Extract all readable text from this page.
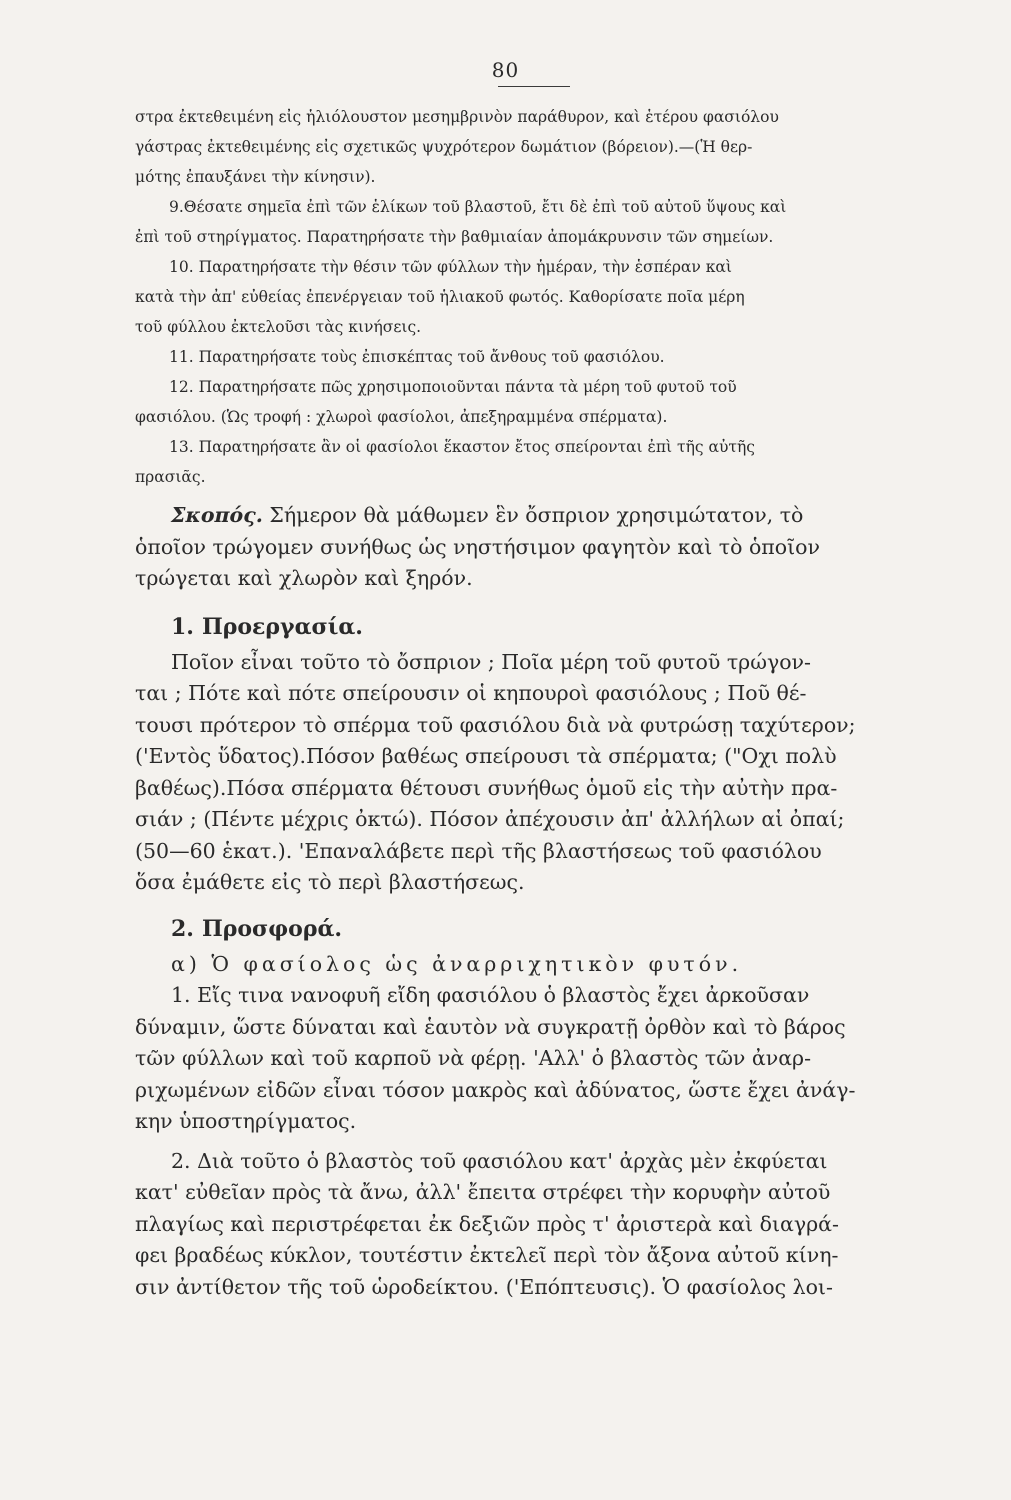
80

στρα ἐκτεθειμένη εἰς ἡλιόλουστον μεσημβρινὸν παράθυρον, καὶ ἑτέρου φασιόλου

γάστρας ἐκτεθειμένης εἰς σχετικῶς ψυχρότερον δωμάτιον (βόρειον).—(Ἡ θερ-

μότης ἐπαυξάνει τὴν κίνησιν).

9.Θέσατε σημεῖα ἐπὶ τῶν ἑλίκων τοῦ βλαστοῦ, ἔτι δὲ ἐπὶ τοῦ αὐτοῦ ὕψους καὶ

ἐπὶ τοῦ στηρίγματος. Παρατηρήσατε τὴν βαθμιαίαν ἀπομάκρυνσιν τῶν σημείων.

10. Παρατηρήσατε τὴν θέσιν τῶν φύλλων τὴν ἡμέραν, τὴν ἑσπέραν καὶ

κατὰ τὴν ἀπ' εὐθείας ἐπενέργειαν τοῦ ἡλιακοῦ φωτός. Καθορίσατε ποῖα μέρη

τοῦ φύλλου ἐκτελοῦσι τὰς κινήσεις.

11. Παρατηρήσατε τοὺς ἐπισκέπτας τοῦ ἄνθους τοῦ φασιόλου.

12. Παρατηρήσατε πῶς χρησιμοποιοῦνται πάντα τὰ μέρη τοῦ φυτοῦ τοῦ

φασιόλου. (Ὡς τροφή : χλωροὶ φασίολοι, ἀπεξηραμμένα σπέρματα).

13. Παρατηρήσατε ἂν οἱ φασίολοι ἕκαστον ἔτος σπείρονται ἐπὶ τῆς αὐτῆς

πρασιᾶς.

Σκοπός. Σήμερον θὰ μάθωμεν ἓν ὄσπριον χρησιμώτατον, τὸ

ὁποῖον τρώγομεν συνήθως ὡς νηστήσιμον φαγητὸν καὶ τὸ ὁποῖον

τρώγεται καὶ χλωρὸν καὶ ξηρόν.

1. Προεργασία.

Ποῖον εἶναι τοῦτο τὸ ὄσπριον ; Ποῖα μέρη τοῦ φυτοῦ τρώγον-

ται ; Πότε καὶ πότε σπείρουσιν οἱ κηπουροὶ φασιόλους ; Ποῦ θέ-

τουσι πρότερον τὸ σπέρμα τοῦ φασιόλου διὰ νὰ φυτρώσῃ ταχύτερον;

('Εντὸς ὕδατος).Πόσον βαθέως σπείρουσι τὰ σπέρματα; ("Οχι πολὺ

βαθέως).Πόσα σπέρματα θέτουσι συνήθως ὁμοῦ εἰς τὴν αὐτὴν πρα-

σιάν ; (Πέντε μέχρις ὀκτώ). Πόσον ἀπέχουσιν ἀπ' ἀλλήλων αἱ ὀπαί;

(50—60 ἑκατ.). 'Επαναλάβετε περὶ τῆς βλαστήσεως τοῦ φασιόλου

ὅσα ἐμάθετε εἰς τὸ περὶ βλαστήσεως.

2. Προσφορά.

α) Ὁ φασίολος ὡς ἀναρριχητικὸν φυτόν.

1. Εἴς τινα νανοφυῆ εἴδη φασιόλου ὁ βλαστὸς ἔχει ἀρκοῦσαν

δύναμιν, ὥστε δύναται καὶ ἑαυτὸν νὰ συγκρατῇ ὀρθὸν καὶ τὸ βάρος

τῶν φύλλων καὶ τοῦ καρποῦ νὰ φέρῃ. 'Αλλ' ὁ βλαστὸς τῶν ἀναρ-

ριχωμένων εἰδῶν εἶναι τόσον μακρὸς καὶ ἀδύνατος, ὥστε ἔχει ἀνάγ-

κην ὑποστηρίγματος.

2. Διὰ τοῦτο ὁ βλαστὸς τοῦ φασιόλου κατ' ἀρχὰς μὲν ἐκφύεται

κατ' εὐθεῖαν πρὸς τὰ ἄνω, ἀλλ' ἔπειτα στρέφει τὴν κορυφὴν αὐτοῦ

πλαγίως καὶ περιστρέφεται ἐκ δεξιῶν πρὸς τ' ἀριστερὰ καὶ διαγρά-

φει βραδέως κύκλον, τουτέστιν ἐκτελεῖ περὶ τὸν ἄξονα αὐτοῦ κίνη-

σιν ἀντίθετον τῆς τοῦ ὡροδείκτου. ('Επόπτευσις). Ὁ φασίολος λοι-
